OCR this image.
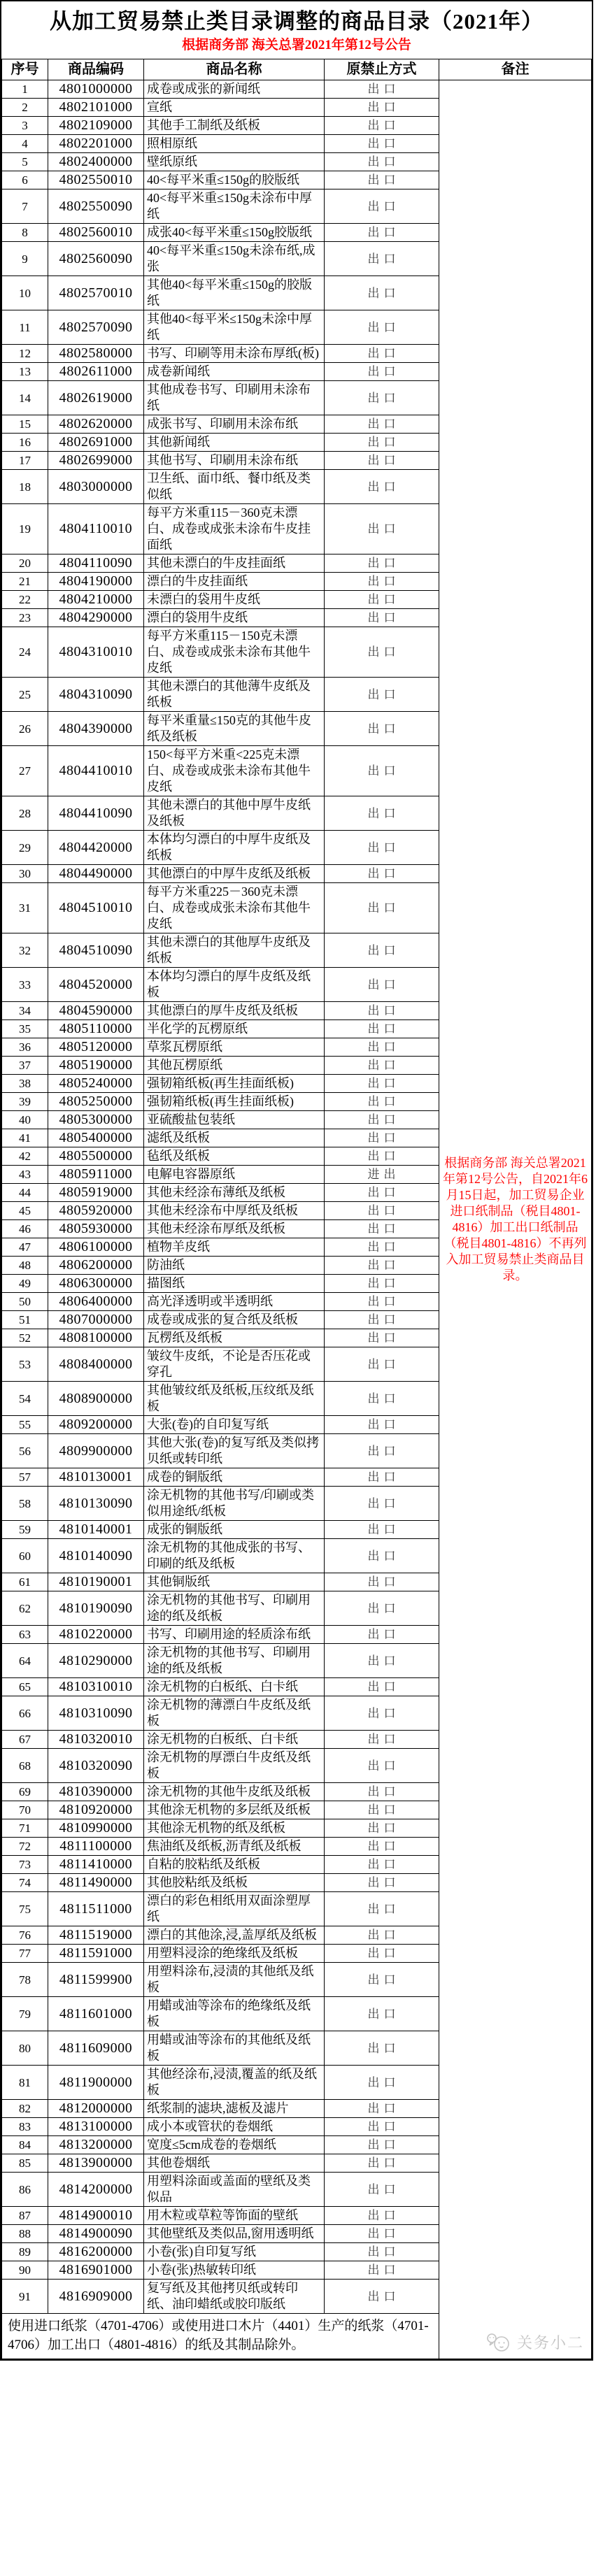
从加工贸易禁止类目录调整的商品目录（2021年）
根据商务部 海关总署2021年第12号公告
序号	商品编码	商品名称	原禁止方式	备注
1	4801000000	成卷或成张的新闻纸	出口	根据商务部 海关总署2021年第12号公告，自2021年6月15日起，加工贸易企业进口纸制品（税目4801-4816）加工出口纸制品（税目4801-4816）不再列入加工贸易禁止类商品目录。
关务小二

2	4802101000	宣纸	出口	
3	4802109000	其他手工制纸及纸板	出口	
4	4802201000	照相原纸	出口	
5	4802400000	壁纸原纸	出口	
6	4802550010	40<每平米重≤150g的胶版纸	出口	
7	4802550090	40<每平米重≤150g未涂布中厚纸	出口	
8	4802560010	成张40<每平米重≤150g胶版纸	出口	
9	4802560090	40<每平米重≤150g未涂布纸,成张	出口	
10	4802570010	其他40<每平米重≤150g的胶版纸	出口	
11	4802570090	其他40<每平米≤150g未涂中厚纸	出口	
12	4802580000	书写、印刷等用未涂布厚纸(板)	出口	
13	4802611000	成卷新闻纸	出口	
14	4802619000	其他成卷书写、印刷用未涂布纸	出口	
15	4802620000	成张书写、印刷用未涂布纸	出口	
16	4802691000	其他新闻纸	出口	
17	4802699000	其他书写、印刷用未涂布纸	出口	
18	4803000000	卫生纸、面巾纸、餐巾纸及类似纸	出口	
19	4804110010	每平方米重115－360克未漂白、成卷或成张未涂布牛皮挂面纸	出口	
20	4804110090	其他未漂白的牛皮挂面纸	出口	
21	4804190000	漂白的牛皮挂面纸	出口	
22	4804210000	未漂白的袋用牛皮纸	出口	
23	4804290000	漂白的袋用牛皮纸	出口	
24	4804310010	每平方米重115－150克未漂白、成卷或成张未涂布其他牛皮纸	出口	
25	4804310090	其他未漂白的其他薄牛皮纸及纸板	出口	
26	4804390000	每平米重量≤150克的其他牛皮纸及纸板	出口	
27	4804410010	150<每平方米重<225克未漂白、成卷或成张未涂布其他牛皮纸	出口	
28	4804410090	其他未漂白的其他中厚牛皮纸及纸板	出口	
29	4804420000	本体均匀漂白的中厚牛皮纸及纸板	出口	
30	4804490000	其他漂白的中厚牛皮纸及纸板	出口	
31	4804510010	每平方米重225－360克未漂白、成卷或成张未涂布其他牛皮纸	出口	
32	4804510090	其他未漂白的其他厚牛皮纸及纸板	出口	
33	4804520000	本体均匀漂白的厚牛皮纸及纸板	出口	
34	4804590000	其他漂白的厚牛皮纸及纸板	出口	
35	4805110000	半化学的瓦楞原纸	出口	
36	4805120000	草浆瓦楞原纸	出口	
37	4805190000	其他瓦楞原纸	出口	
38	4805240000	强韧箱纸板(再生挂面纸板)	出口	
39	4805250000	强韧箱纸板(再生挂面纸板)	出口	
40	4805300000	亚硫酸盐包装纸	出口	
41	4805400000	滤纸及纸板	出口	
42	4805500000	毡纸及纸板	出口	
43	4805911000	电解电容器原纸	进出	
44	4805919000	其他未经涂布薄纸及纸板	出口	
45	4805920000	其他未经涂布中厚纸及纸板	出口	
46	4805930000	其他未经涂布厚纸及纸板	出口	
47	4806100000	植物羊皮纸	出口	
48	4806200000	防油纸	出口	
49	4806300000	描图纸	出口	
50	4806400000	高光泽透明或半透明纸	出口	
51	4807000000	成卷或成张的复合纸及纸板	出口	
52	4808100000	瓦楞纸及纸板	出口	
53	4808400000	皱纹牛皮纸，不论是否压花或穿孔	出口	
54	4808900000	其他皱纹纸及纸板,压纹纸及纸板	出口	
55	4809200000	大张(卷)的自印复写纸	出口	
56	4809900000	其他大张(卷)的复写纸及类似拷贝纸或转印纸	出口	
57	4810130001	成卷的铜版纸	出口	
58	4810130090	涂无机物的其他书写/印刷或类似用途纸/纸板	出口	
59	4810140001	成张的铜版纸	出口	
60	4810140090	涂无机物的其他成张的书写、印刷的纸及纸板	出口	
61	4810190001	其他铜版纸	出口	
62	4810190090	涂无机物的其他书写、印刷用途的纸及纸板	出口	
63	4810220000	书写、印刷用途的轻质涂布纸	出口	
64	4810290000	涂无机物的其他书写、印刷用途的纸及纸板	出口	
65	4810310010	涂无机物的白板纸、白卡纸	出口	
66	4810310090	涂无机物的薄漂白牛皮纸及纸板	出口	
67	4810320010	涂无机物的白板纸、白卡纸	出口	
68	4810320090	涂无机物的厚漂白牛皮纸及纸板	出口	
69	4810390000	涂无机物的其他牛皮纸及纸板	出口	
70	4810920000	其他涂无机物的多层纸及纸板	出口	
71	4810990000	其他涂无机物的纸及纸板	出口	
72	4811100000	焦油纸及纸板,沥青纸及纸板	出口	
73	4811410000	自粘的胶粘纸及纸板	出口	
74	4811490000	其他胶粘纸及纸板	出口	
75	4811511000	漂白的彩色相纸用双面涂塑厚纸	出口	
76	4811519000	漂白的其他涂,浸,盖厚纸及纸板	出口	
77	4811591000	用塑料浸涂的绝缘纸及纸板	出口	
78	4811599900	用塑料涂布,浸渍的其他纸及纸板	出口	
79	4811601000	用蜡或油等涂布的绝缘纸及纸板	出口	
80	4811609000	用蜡或油等涂布的其他纸及纸板	出口	
81	4811900000	其他经涂布,浸渍,覆盖的纸及纸板	出口	
82	4812000000	纸浆制的滤块,滤板及滤片	出口	
83	4813100000	成小本或管状的卷烟纸	出口	
84	4813200000	宽度≤5cm成卷的卷烟纸	出口	
85	4813900000	其他卷烟纸	出口	
86	4814200000	用塑料涂面或盖面的壁纸及类似品	出口	
87	4814900010	用木粒或草粒等饰面的壁纸	出口	
88	4814900090	其他壁纸及类似品,窗用透明纸	出口	
89	4816200000	小卷(张)自印复写纸	出口	
90	4816901000	小卷(张)热敏转印纸	出口	
91	4816909000	复写纸及其他拷贝纸或转印纸、油印蜡纸或胶印版纸	出口	
使用进口纸浆（4701-4706）或使用进口木片（4401）生产的纸浆（4701-4706）加工出口（4801-4816）的纸及其制品除外。				
